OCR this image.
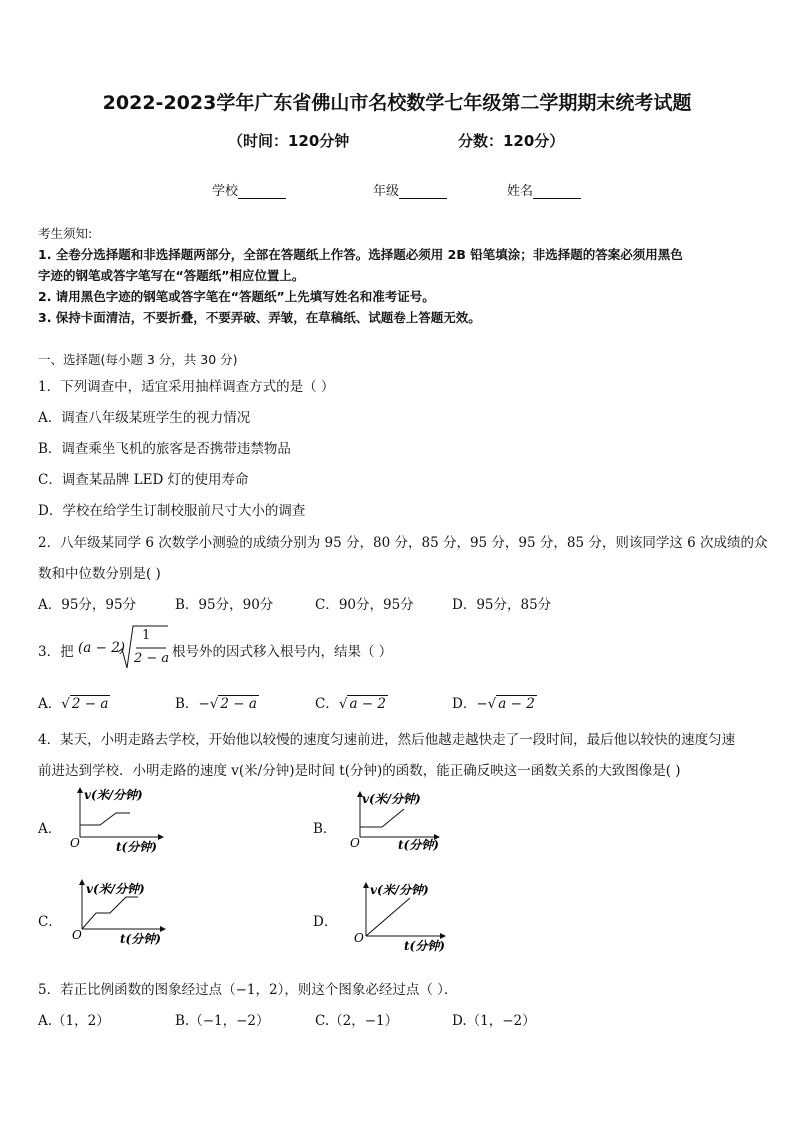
2022-2023学年广东省佛山市名校数学七年级第二学期期末统考试题
（时间：120分钟	分数：120分）
学校	年级	姓名
考生须知:
1. 全卷分选择题和非选择题两部分，全部在答题纸上作答。选择题必须用 2B 铅笔填涂；非选择题的答案必须用黑色
字迹的钢笔或答字笔写在“答题纸”相应位置上。
2. 请用黑色字迹的钢笔或答字笔在“答题纸”上先填写姓名和准考证号。
3. 保持卡面清洁，不要折叠，不要弄破、弄皱，在草稿纸、试题卷上答题无效。
一、选择题(每小题 3 分，共 30 分)
1．下列调查中，适宜采用抽样调查方式的是（ ）
A．调查八年级某班学生的视力情况
B．调查乘坐飞机的旅客是否携带违禁物品
C．调查某品牌 LED 灯的使用寿命
D．学校在给学生订制校服前尺寸大小的调查
2．八年级某同学 6 次数学小测验的成绩分别为 95 分，80 分，85 分，95 分，95 分，85 分，则该同学这 6 次成绩的众
数和中位数分别是( )
A．95分，95分	B．95分，90分	C．90分，95分	D．95分，85分
3．把 (a − 2)
1
2 − a 根号外的因式移入根号内，结果（ ）
A．√ 2 − a	B．−√ 2 − a	C．√ a − 2	D．−√ a − 2
4．某天，小明走路去学校，开始他以较慢的速度匀速前进，然后他越走越快走了一段时间，最后他以较快的速度匀速
前进达到学校．小明走路的速度 v(米/分钟)是时间 t(分钟)的函数，能正确反映这一函数关系的大致图像是( )
A．	B．
C．	D．
v(米/分钟)
O	t(分钟)
v(米/分钟)
O	t(分钟)
v(米/分钟)
O	t(分钟)
v(米/分钟)
O
t(分钟)
5．若正比例函数的图象经过点（−1，2），则这个图象必经过点（ ）．
A.（1，2）	B.（−1，−2）	C.（2，−1）	D.（1，−2）
